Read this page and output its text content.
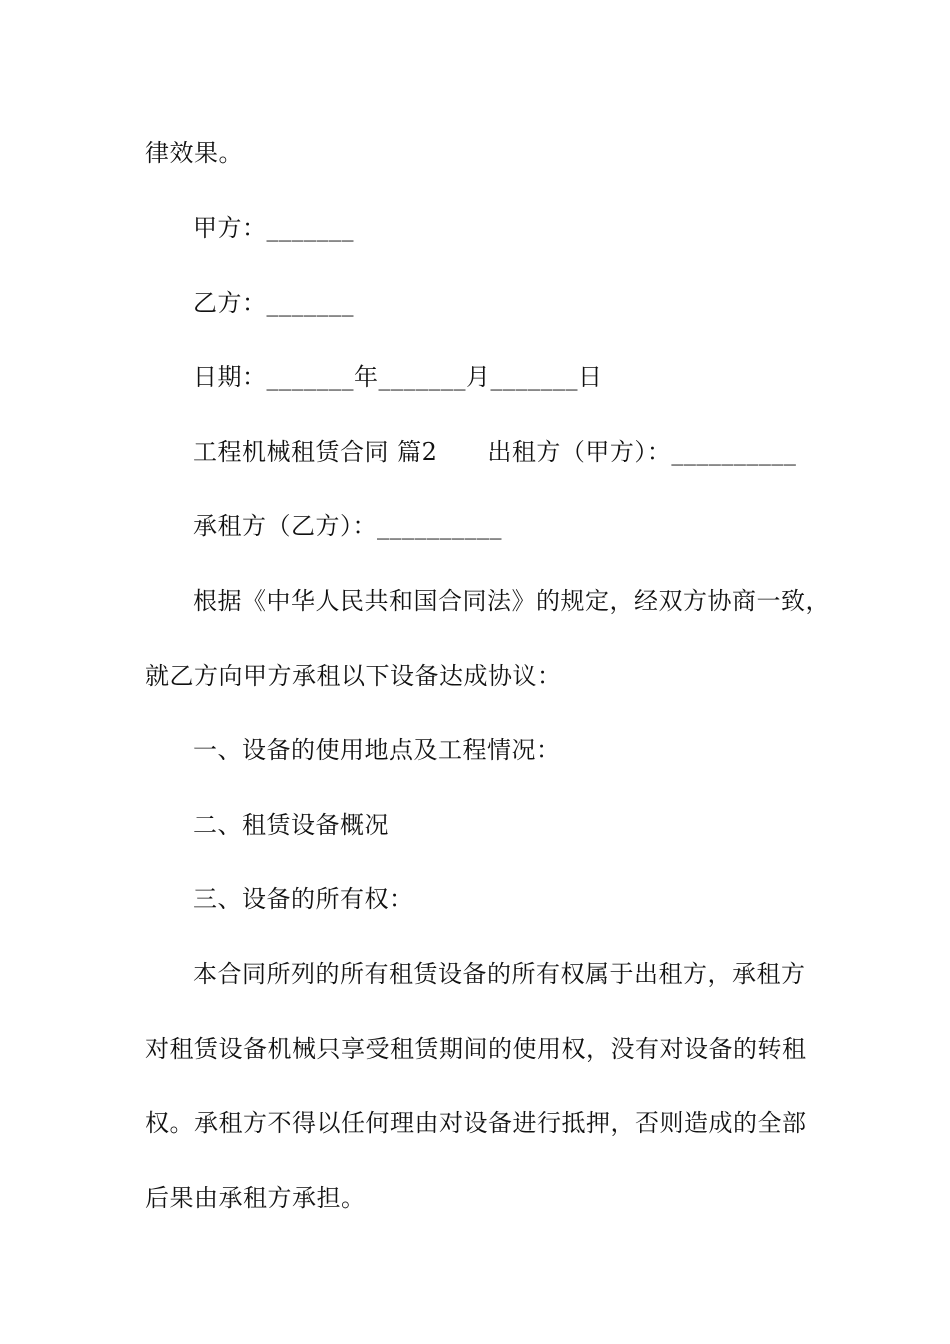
律效果。
甲方：_______
乙方：_______
日期：_______年_______月_______日
工程机械租赁合同 篇2 出租方（甲方）：__________
承租方（乙方）：__________
根据《中华人民共和国合同法》的规定，经双方协商一致，
就乙方向甲方承租以下设备达成协议：
一、设备的使用地点及工程情况：
二、租赁设备概况
三、设备的所有权：
本合同所列的所有租赁设备的所有权属于出租方，承租方
对租赁设备机械只享受租赁期间的使用权，没有对设备的转租
权。承租方不得以任何理由对设备进行抵押，否则造成的全部
后果由承租方承担。
